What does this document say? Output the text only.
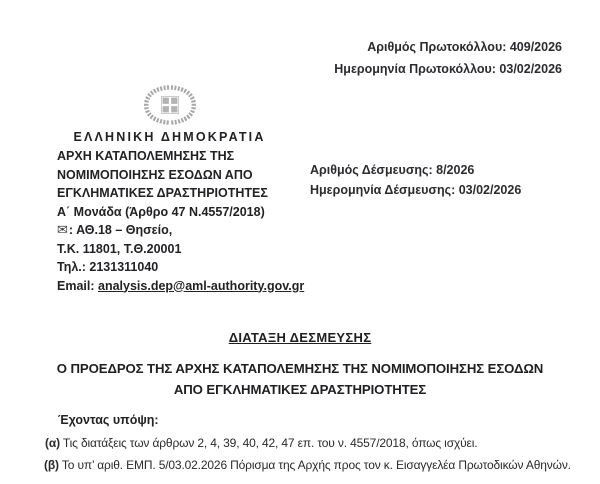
Αριθμός Πρωτοκόλλου: 409/2026
Ημερομηνία Πρωτοκόλλου: 03/02/2026
ΕΛΛΗΝΙΚΗ ΔΗΜΟΚΡΑΤΙΑ
ΑΡΧΗ ΚΑΤΑΠΟΛΕΜΗΣΗΣ ΤΗΣ
ΝΟΜΙΜΟΠΟΙΗΣΗΣ ΕΣΟΔΩΝ ΑΠΟ
ΕΓΚΛΗΜΑΤΙΚΕΣ ΔΡΑΣΤΗΡΙΟΤΗΤΕΣ
Α΄ Μονάδα (Άρθρο 47 Ν.4557/2018)
✉: ΑΘ.18 – Θησείο,
Τ.Κ. 11801, Τ.Θ.20001
Τηλ.: 2131311040
Email: analysis.dep@aml-authority.gov.gr
Αριθμός Δέσμευσης: 8/2026
Ημερομηνία Δέσμευσης: 03/02/2026
ΔΙΑΤΑΞΗ ΔΕΣΜΕΥΣΗΣ
Ο ΠΡΟΕΔΡΟΣ ΤΗΣ ΑΡΧΗΣ ΚΑΤΑΠΟΛΕΜΗΣΗΣ ΤΗΣ ΝΟΜΙΜΟΠΟΙΗΣΗΣ ΕΣΟΔΩΝ
ΑΠΟ ΕΓΚΛΗΜΑΤΙΚΕΣ ΔΡΑΣΤΗΡΙΟΤΗΤΕΣ
Έχοντας υπόψη:
(α) Τις διατάξεις των άρθρων 2, 4, 39, 40, 42, 47 επ. του ν. 4557/2018, όπως ισχύει.
(β) Το υπ’ αριθ. ΕΜΠ. 5/03.02.2026 Πόρισμα της Αρχής προς τον κ. Εισαγγελέα Πρωτοδικών Αθηνών.
